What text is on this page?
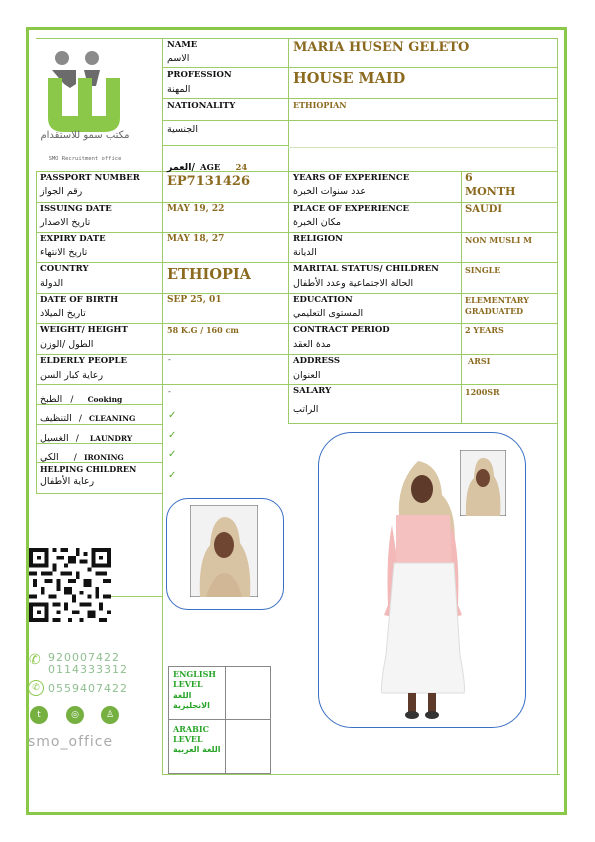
مكتب سمو للاستقدام
SMO Recruitment office
NAME
الاسم
MARIA HUSEN GELETO
PROFESSION
المهنة
HOUSE MAID
NATIONALITY
الجنسية
ETHIOPIAN
العمر/ AGE 24
PASSPORT NUMBER
رقم الجواز
EP7131426
ISSUING DATE
تاريخ الاصدار
MAY 19, 22
EXPIRY DATE
تاريخ الانتهاء
MAY 18, 27
COUNTRY
الدولة
ETHIOPIA
DATE OF BIRTH
تاريخ الميلاد
SEP 25, 01
WEIGHT/ HEIGHT
الطول /الوزن
58 K.G / 160 cm
YEARS OF EXPERIENCE
عدد سنوات الخبرة
6
MONTH
PLACE OF EXPERIENCE
مكان الخبرة
SAUDI
RELIGION
الديانة
NON MUSLI M
MARITAL STATUS/ CHILDREN
الحالة الاجتماعية وعدد الأطفال
SINGLE
EDUCATION
المستوى التعليمي
ELEMENTARY
GRADUATED
CONTRACT PERIOD
مدة العقد
2 YEARS
ADDRESS
العنوان
ARSI
SALARY
الراتب
1200SR
ELDERLY PEOPLE
رعاية كبار السن
-
الطبخ / Cooking
-
التنظيف / CLEANING	✓
الغسيل / LAUNDRY	✓
الكي / IRONING	✓
HELPING CHILDREN
رعاية الأطفال
✓
✆ 920007422
0114333312
✆ 0559407422
t	◎	♙
smo_office
ENGLISH LEVEL
اللغة الانجليزية
ARABIC LEVEL
اللغة العربية
